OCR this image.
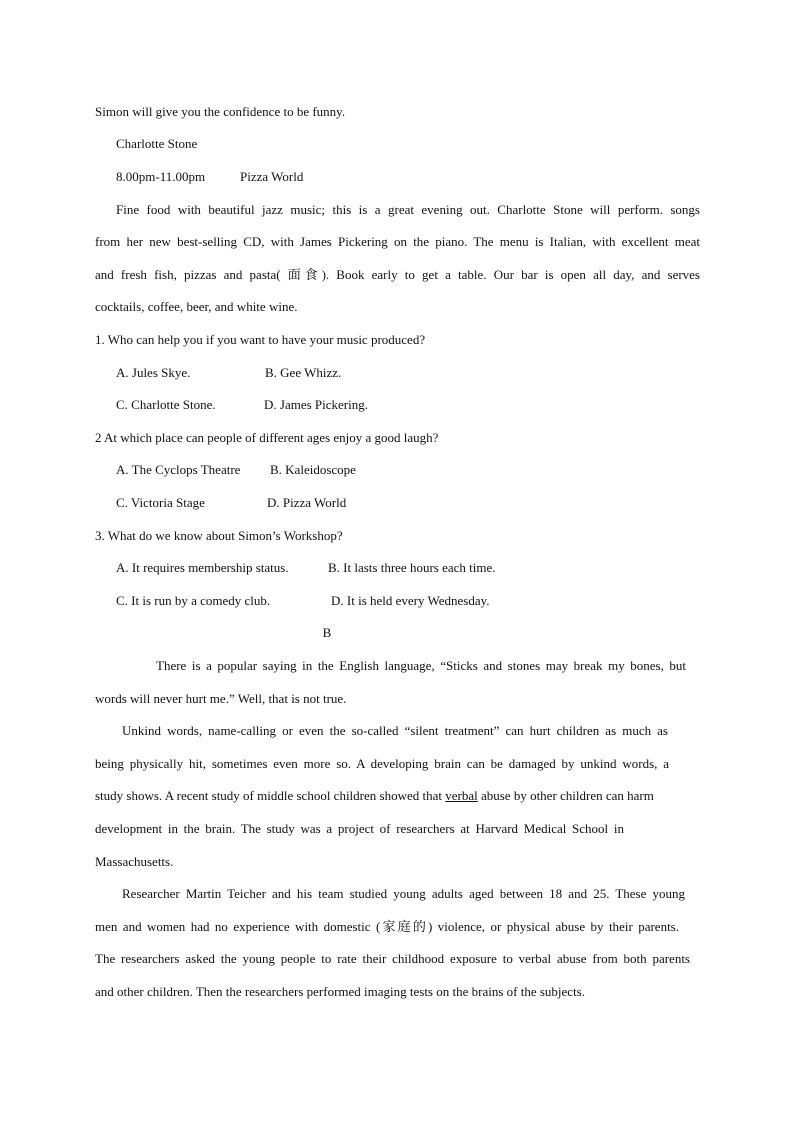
Simon will give you the confidence to be funny.
Charlotte Stone
8.00pm-11.00pm	Pizza World
Fine food with beautiful jazz music; this is a great evening out. Charlotte Stone will perform. songs
from her new best-selling CD, with James Pickering on the piano. The menu is Italian, with excellent meat
and fresh fish, pizzas and pasta( 面食). Book early to get a table. Our bar is open all day, and serves
cocktails, coffee, beer, and white wine.
1. Who can help you if you want to have your music produced?
A. Jules Skye.	B. Gee Whizz.
C. Charlotte Stone.	D. James Pickering.
2 At which place can people of different ages enjoy a good laugh?
A. The Cyclops Theatre B. Kaleidoscope
C. Victoria Stage	D. Pizza World
3. What do we know about Simon’s Workshop?
A. It requires membership status.	B. It lasts three hours each time.
C. It is run by a comedy club.	D. It is held every Wednesday.
B
There is a popular saying in the English language, “Sticks and stones may break my bones, but
words will never hurt me.” Well, that is not true.
Unkind words, name-calling or even the so-called “silent treatment” can hurt children as much as
being physically hit, sometimes even more so. A developing brain can be damaged by unkind words, a
study shows. A recent study of middle school children showed that verbal abuse by other children can harm
development in the brain. The study was a project of researchers at Harvard Medical School in
Massachusetts.
Researcher Martin Teicher and his team studied young adults aged between 18 and 25. These young
men and women had no experience with domestic (家庭的) violence, or physical abuse by their parents.
The researchers asked the young people to rate their childhood exposure to verbal abuse from both parents
and other children. Then the researchers performed imaging tests on the brains of the subjects.
